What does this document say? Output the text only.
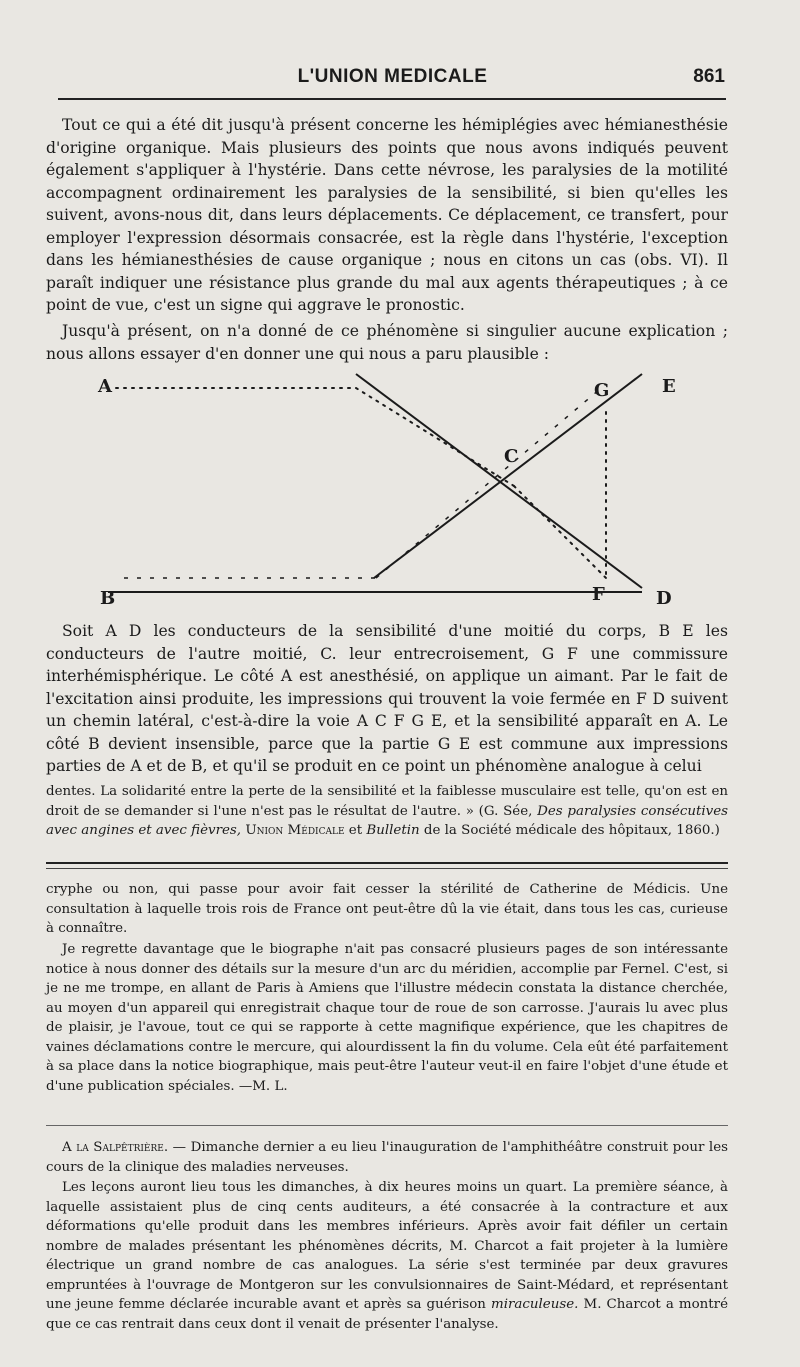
L'UNION MEDICALE	861

Tout ce qui a été dit jusqu'à présent concerne les hémiplégies avec hémianesthésie d'origine organique. Mais plusieurs des points que nous avons indiqués peuvent également s'appliquer à l'hystérie. Dans cette névrose, les paralysies de la motilité accompagnent ordinairement les paralysies de la sensibilité, si bien qu'elles les suivent, avons-nous dit, dans leurs déplacements. Ce déplacement, ce transfert, pour employer l'expression désormais consacrée, est la règle dans l'hystérie, l'exception dans les hémianesthésies de cause organique ; nous en citons un cas (obs. VI). Il paraît indiquer une résistance plus grande du mal aux agents thérapeutiques ; à ce point de vue, c'est un signe qui aggrave le pronostic.

Jusqu'à présent, on n'a donné de ce phénomène si singulier aucune explication ; nous allons essayer d'en donner une qui nous a paru plausible :

A
B
C
D
E
F
G

Soit A D les conducteurs de la sensibilité d'une moitié du corps, B E les conducteurs de l'autre moitié, C. leur entrecroisement, G F une commissure interhémisphérique. Le côté A est anesthésié, on applique un aimant. Par le fait de l'excitation ainsi produite, les impressions qui trouvent la voie fermée en F D suivent un chemin latéral, c'est-à-dire la voie A C F G E, et la sensibilité apparaît en A. Le côté B devient insensible, parce que la partie G E est commune aux impressions parties de A et de B, et qu'il se produit en ce point un phénomène analogue à celui

dentes. La solidarité entre la perte de la sensibilité et la faiblesse musculaire est telle, qu'on est en droit de se demander si l'une n'est pas le résultat de l'autre. » (G. Sée, Des paralysies consécutives avec angines et avec fièvres, Union Médicale et Bulletin de la Société médicale des hôpitaux, 1860.)

cryphe ou non, qui passe pour avoir fait cesser la stérilité de Catherine de Médicis. Une consultation à laquelle trois rois de France ont peut-être dû la vie était, dans tous les cas, curieuse à connaître.

Je regrette davantage que le biographe n'ait pas consacré plusieurs pages de son intéressante notice à nous donner des détails sur la mesure d'un arc du méridien, accomplie par Fernel. C'est, si je ne me trompe, en allant de Paris à Amiens que l'illustre médecin constata la distance cherchée, au moyen d'un appareil qui enregistrait chaque tour de roue de son carrosse. J'aurais lu avec plus de plaisir, je l'avoue, tout ce qui se rapporte à cette magnifique expérience, que les chapitres de vaines déclamations contre le mercure, qui alourdissent la fin du volume. Cela eût été parfaitement à sa place dans la notice biographique, mais peut-être l'auteur veut-il en faire l'objet d'une étude et d'une publication spéciales. —M. L.

A la Salpêtrière. — Dimanche dernier a eu lieu l'inauguration de l'amphithéâtre construit pour les cours de la clinique des maladies nerveuses.

Les leçons auront lieu tous les dimanches, à dix heures moins un quart. La première séance, à laquelle assistaient plus de cinq cents auditeurs, a été consacrée à la contracture et aux déformations qu'elle produit dans les membres inférieurs. Après avoir fait défiler un certain nombre de malades présentant les phénomènes décrits, M. Charcot a fait projeter à la lumière électrique un grand nombre de cas analogues. La série s'est terminée par deux gravures empruntées à l'ouvrage de Montgeron sur les convulsionnaires de Saint-Médard, et représentant une jeune femme déclarée incurable avant et après sa guérison miraculeuse. M. Charcot a montré que ce cas rentrait dans ceux dont il venait de présenter l'analyse.
